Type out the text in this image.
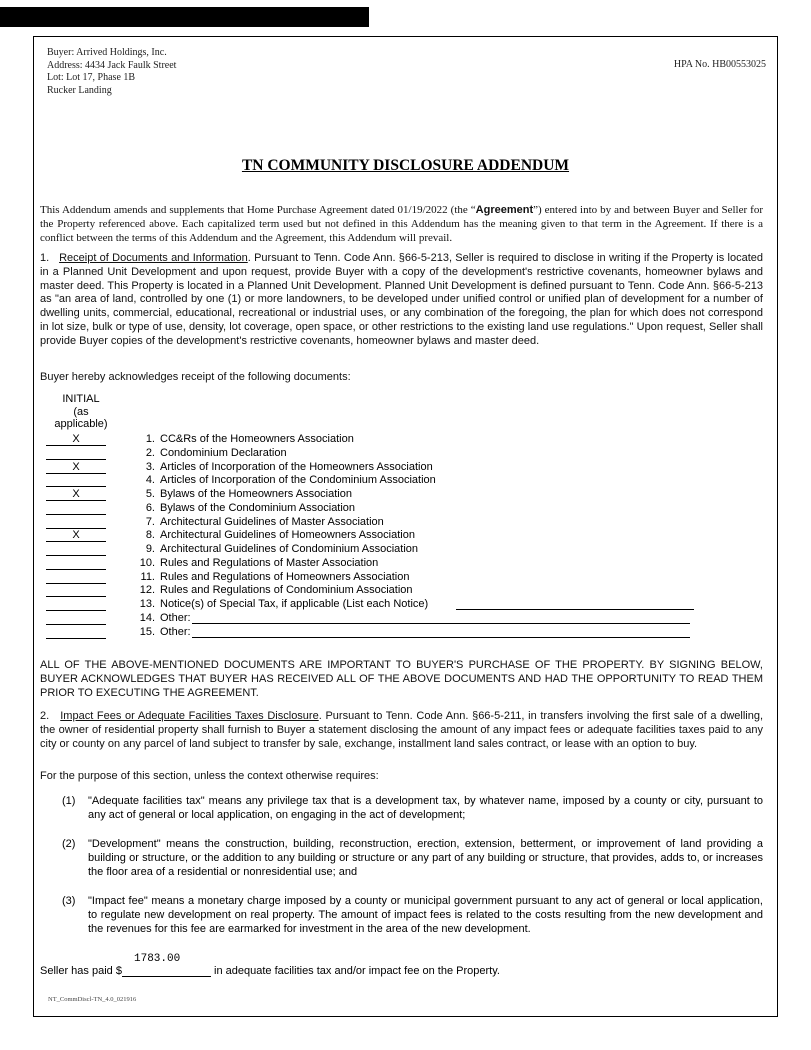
Buyer: Arrived Holdings, Inc.
Address: 4434 Jack Faulk Street
Lot: Lot 17, Phase 1B
Rucker Landing
HPA No. HB00553025
TN COMMUNITY DISCLOSURE ADDENDUM
This Addendum amends and supplements that Home Purchase Agreement dated 01/19/2022 (the “Agreement”) entered into by and between Buyer and Seller for the Property referenced above. Each capitalized term used but not defined in this Addendum has the meaning given to that term in the Agreement. If there is a conflict between the terms of this Addendum and the Agreement, this Addendum will prevail.
1. Receipt of Documents and Information. Pursuant to Tenn. Code Ann. §66-5-213, Seller is required to disclose in writing if the Property is located in a Planned Unit Development and upon request, provide Buyer with a copy of the development's restrictive covenants, homeowner bylaws and master deed. This Property is located in a Planned Unit Development. Planned Unit Development is defined pursuant to Tenn. Code Ann. §66-5-213 as "an area of land, controlled by one (1) or more landowners, to be developed under unified control or unified plan of development for a number of dwelling units, commercial, educational, recreational or industrial uses, or any combination of the foregoing, the plan for which does not correspond in lot size, bulk or type of use, density, lot coverage, open space, or other restrictions to the existing land use regulations." Upon request, Seller shall provide Buyer copies of the development's restrictive covenants, homeowner bylaws and master deed.
Buyer hereby acknowledges receipt of the following documents:
INITIAL
(as
applicable)
X	1. CC&Rs of the Homeowners Association
2. Condominium Declaration
X	3. Articles of Incorporation of the Homeowners Association
4. Articles of Incorporation of the Condominium Association
X	5. Bylaws of the Homeowners Association
6. Bylaws of the Condominium Association
7. Architectural Guidelines of Master Association
X	8. Architectural Guidelines of Homeowners Association
9. Architectural Guidelines of Condominium Association
10. Rules and Regulations of Master Association
11. Rules and Regulations of Homeowners Association
12. Rules and Regulations of Condominium Association
13. Notice(s) of Special Tax, if applicable (List each Notice)
14. Other:
15. Other:
ALL OF THE ABOVE-MENTIONED DOCUMENTS ARE IMPORTANT TO BUYER'S PURCHASE OF THE PROPERTY. BY SIGNING BELOW, BUYER ACKNOWLEDGES THAT BUYER HAS RECEIVED ALL OF THE ABOVE DOCUMENTS AND HAD THE OPPORTUNITY TO READ THEM PRIOR TO EXECUTING THE AGREEMENT.
2. Impact Fees or Adequate Facilities Taxes Disclosure. Pursuant to Tenn. Code Ann. §66-5-211, in transfers involving the first sale of a dwelling, the owner of residential property shall furnish to Buyer a statement disclosing the amount of any impact fees or adequate facilities taxes paid to any city or county on any parcel of land subject to transfer by sale, exchange, installment land sales contract, or lease with an option to buy.
For the purpose of this section, unless the context otherwise requires:
(1) "Adequate facilities tax" means any privilege tax that is a development tax, by whatever name, imposed by a county or city, pursuant to any act of general or local application, on engaging in the act of development;
(2) "Development" means the construction, building, reconstruction, erection, extension, betterment, or improvement of land providing a building or structure, or the addition to any building or structure or any part of any building or structure, that provides, adds to, or increases the floor area of a residential or nonresidential use; and
(3) "Impact fee" means a monetary charge imposed by a county or municipal government pursuant to any act of general or local application, to regulate new development on real property. The amount of impact fees is related to the costs resulting from the new development and the revenues for this fee are earmarked for investment in the area of the new development.
1783.00
Seller has paid $	in adequate facilities tax and/or impact fee on the Property.
NT_CommDiscl-TN_4.0_021916
